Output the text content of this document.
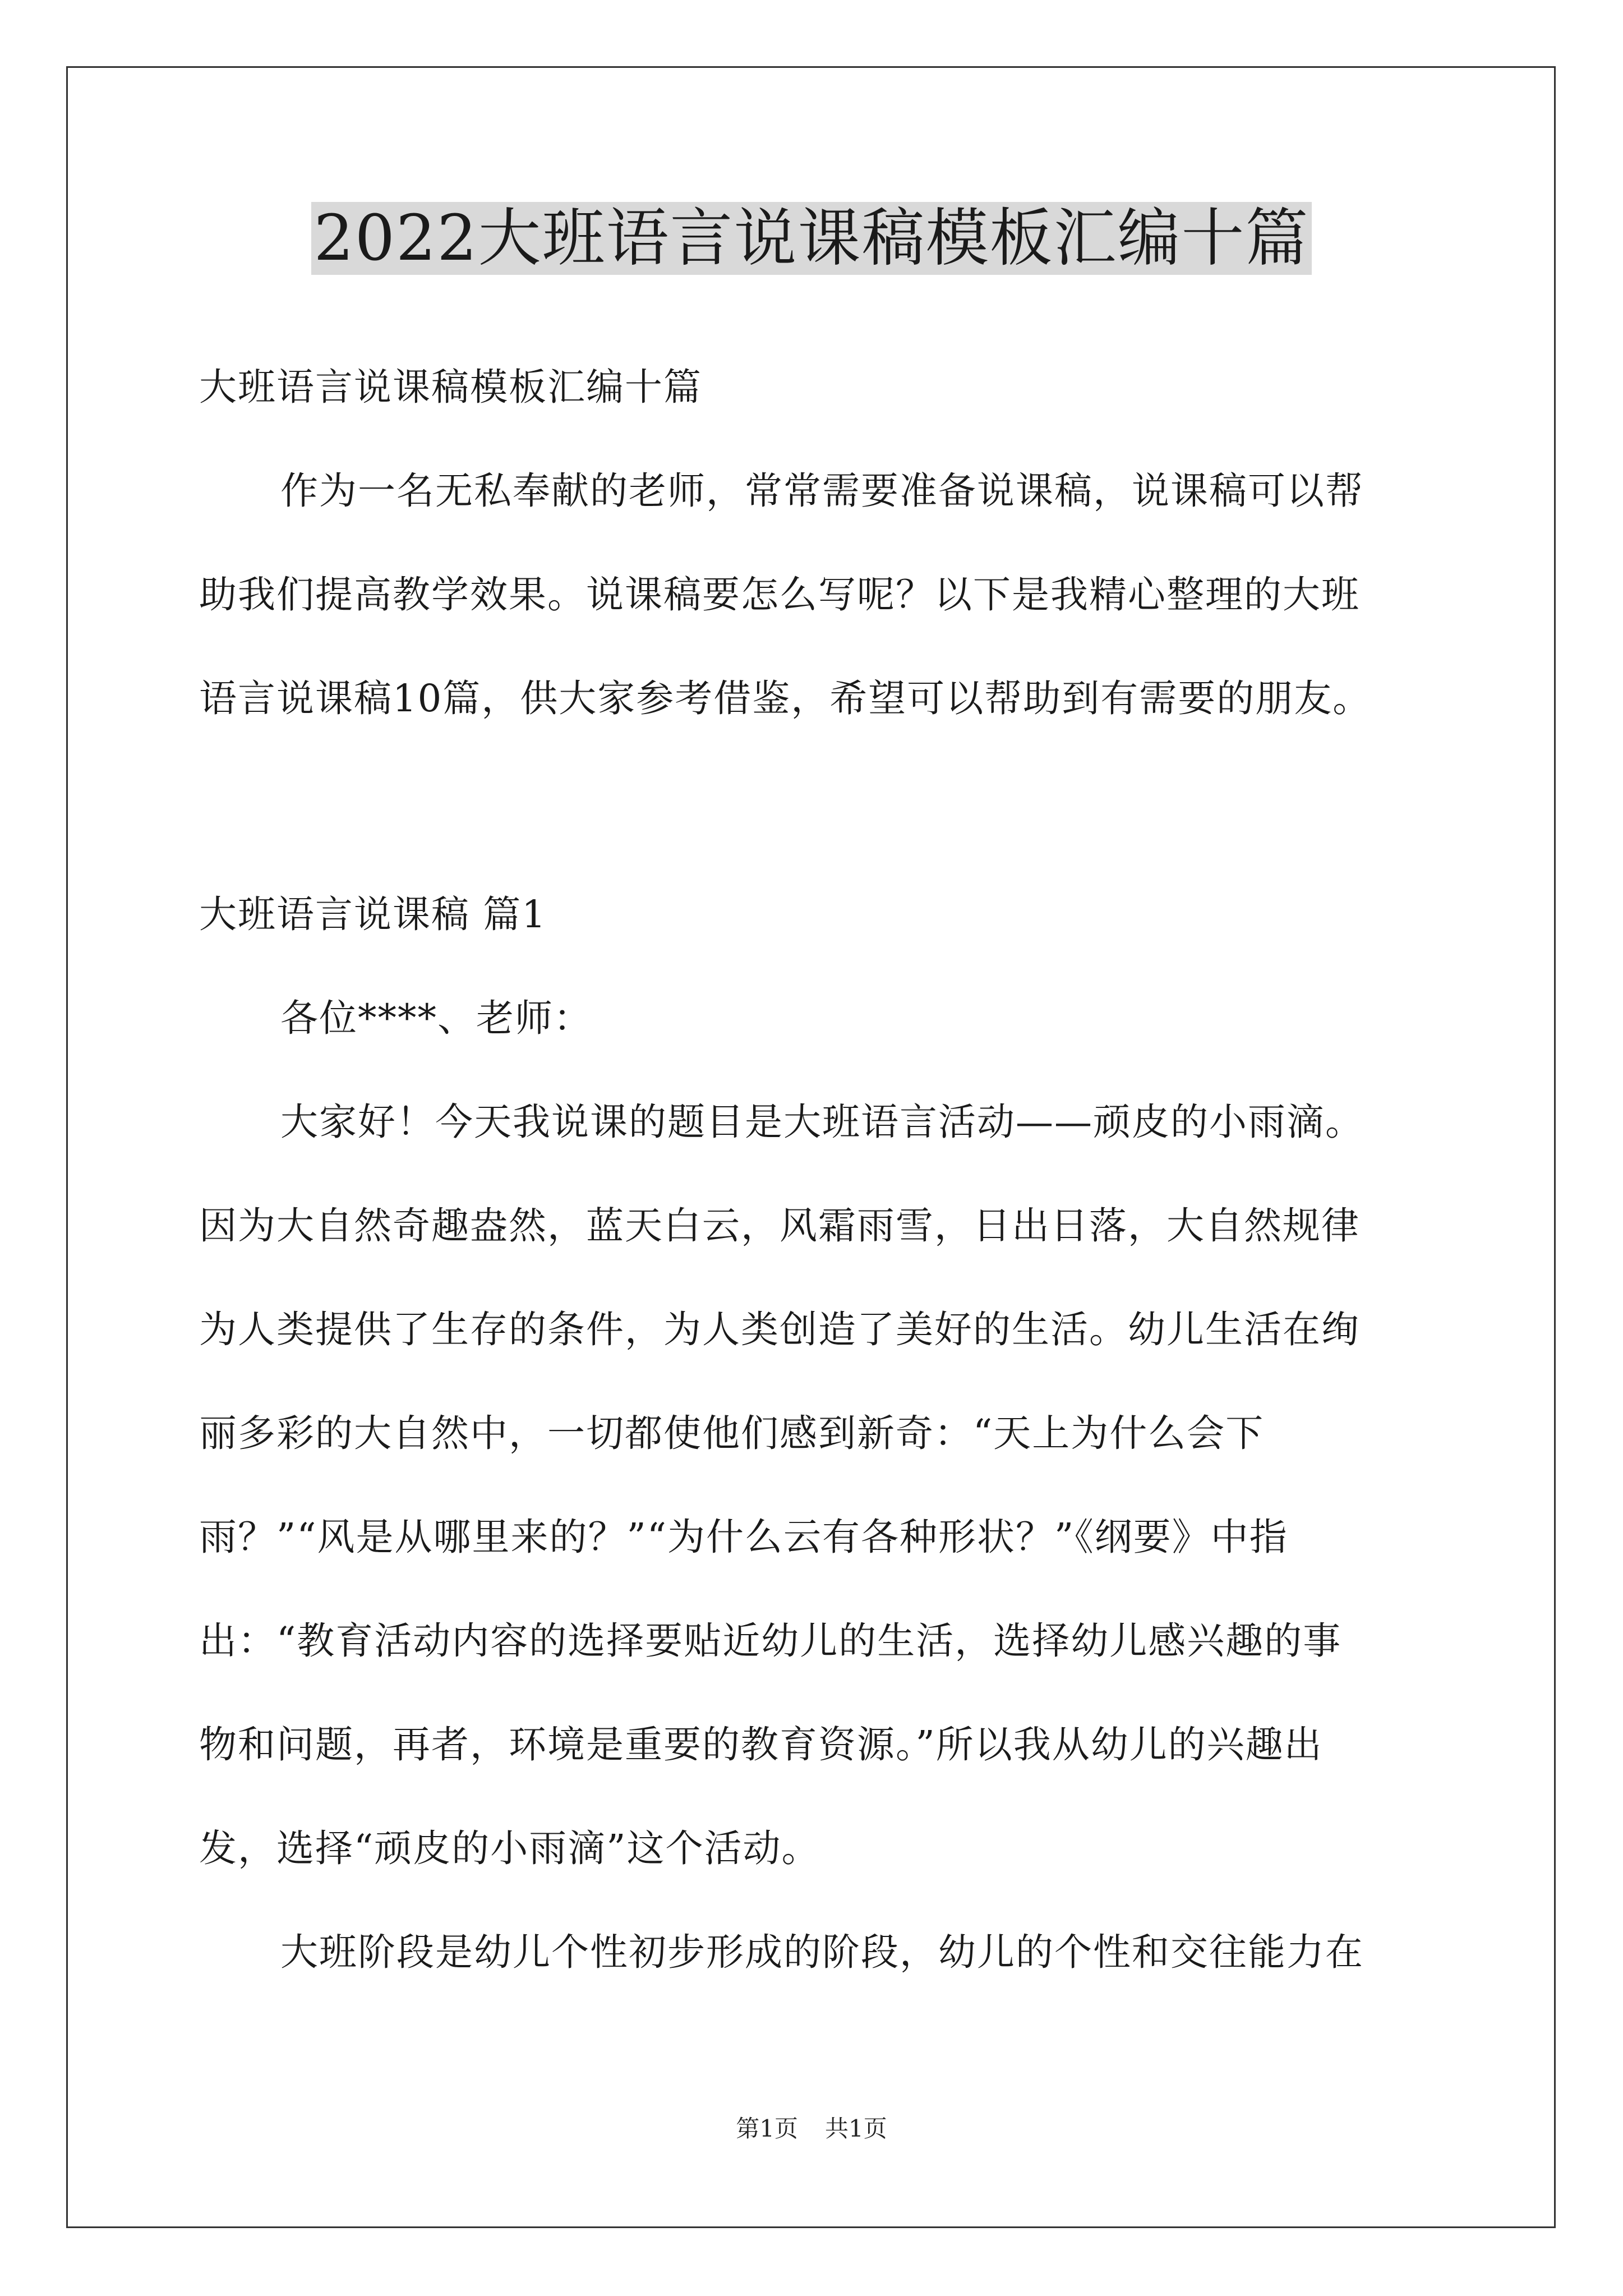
2022大班语言说课稿模板汇编十篇

大班语言说课稿模板汇编十篇

作为一名无私奉献的老师，常常需要准备说课稿，说课稿可以帮

助我们提高教学效果。说课稿要怎么写呢？以下是我精心整理的大班

语言说课稿10篇，供大家参考借鉴，希望可以帮助到有需要的朋友。

大班语言说课稿 篇1

各位****、老师：

大家好！今天我说课的题目是大班语言活动——顽皮的小雨滴。

因为大自然奇趣盎然，蓝天白云，风霜雨雪，日出日落，大自然规律

为人类提供了生存的条件，为人类创造了美好的生活。幼儿生活在绚

丽多彩的大自然中，一切都使他们感到新奇：“天上为什么会下

雨？”“风是从哪里来的？”“为什么云有各种形状？”《纲要》中指

出：“教育活动内容的选择要贴近幼儿的生活，选择幼儿感兴趣的事

物和问题，再者，环境是重要的教育资源。”所以我从幼儿的兴趣出

发，选择“顽皮的小雨滴”这个活动。

大班阶段是幼儿个性初步形成的阶段，幼儿的个性和交往能力在

第1页 共1页
